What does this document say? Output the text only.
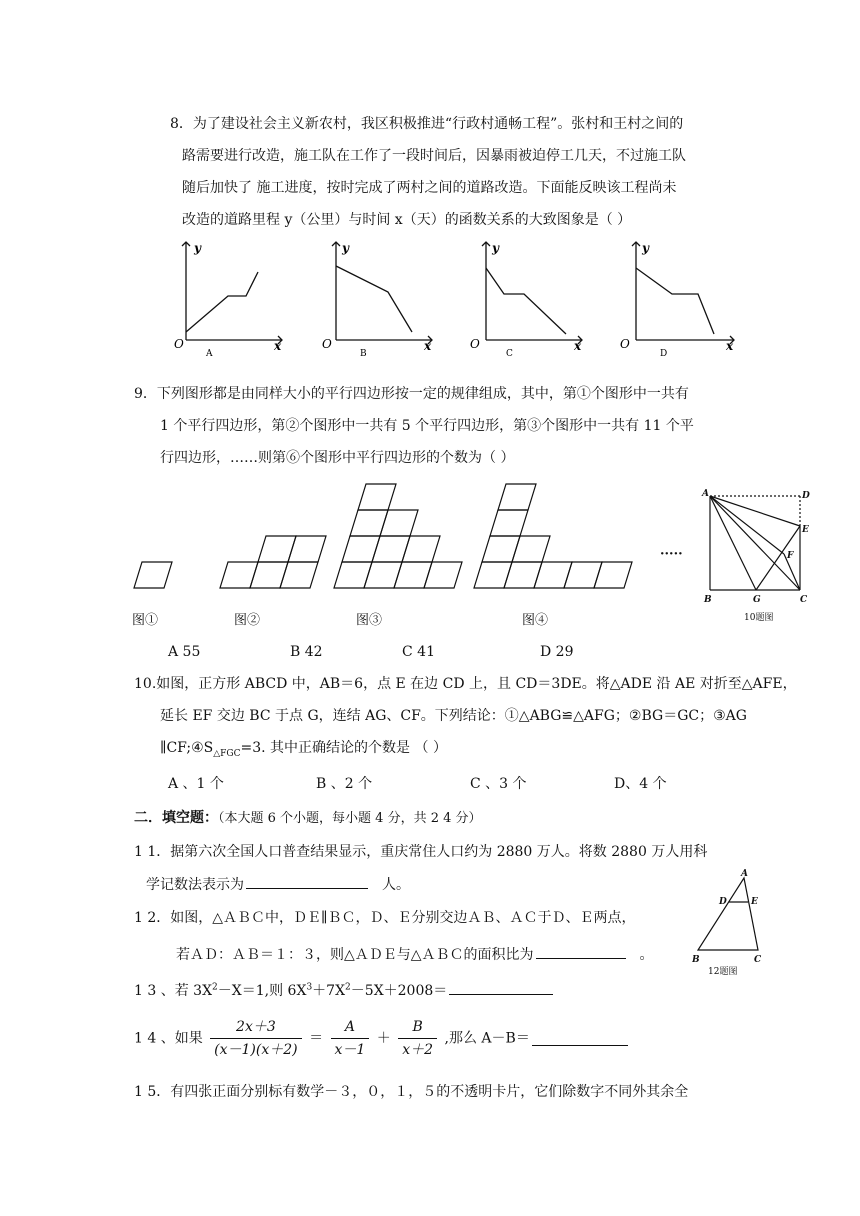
8．为了建设社会主义新农村，我区积极推进“行政村通畅工程”。张村和王村之间的
路需要进行改造，施工队在工作了一段时间后，因暴雨被迫停工几天，不过施工队
随后加快了 施工进度，按时完成了两村之间的道路改造。下面能反映该工程尚未
改造的道路里程 y（公里）与时间 x（天）的函数关系的大致图象是（ ）
O	x
y
A
O	x
y
B
O	x
y
C
O	x
y
D
9．下列图形都是由同样大小的平行四边形按一定的规律组成，其中，第①个图形中一共有
1 个平行四边形，第②个图形中一共有 5 个平行四边形，第③个图形中一共有 11 个平
行四边形，……则第⑥个图形中平行四边形的个数为（ ）
图①	图②	图③	图④
·····
A	D
E
F
B	G	C
10题图
A 55	B 42	C 41	D 29
10.如图，正方形 ABCD 中，AB＝6，点 E 在边 CD 上，且 CD＝3DE。将△ADE 沿 AE 对折至△AFE，
延长 EF 交边 BC 于点 G，连结 AG、CF。下列结论：①△ABG≌△AFG；②BG＝GC；③AG
$\parallel CF;④S_{\triangle FGC}=3$. 其中正确结论的个数是 （ ）
A 、1 个	B 、2 个	C 、3 个	D、4 个
二．填空题：（本大题 6 个小题，每小题 4 分，共 2 4 分）
1 1．据第六次全国人口普查结果显示，重庆常住人口约为 2880 万人。将数 2880 万人用科
学记数法表示为	人。
A
D	E
B	C
12题图
1 2．如图，△ＡＢＣ中，ＤＥ∥ＢＣ，Ｄ、Ｅ分别交边ＡＢ、ＡＣ于Ｄ、Ｅ两点，
若ＡＤ：ＡＢ＝１：３，则△ＡＤＥ与△ＡＢＣ的面积比为	。
1 3 、若 $3X^2-X=1$,则 $6X^3+7X^2-5X+2008=$
1 4 、如果 $\frac{2x+3}{(x-1)(x+2)} = \frac{A}{x-1} + \frac{B}{x+2}$ ,那么 A－B＝
1 5．有四张正面分别标有数学－３，０，１，５的不透明卡片，它们除数字不同外其余全
